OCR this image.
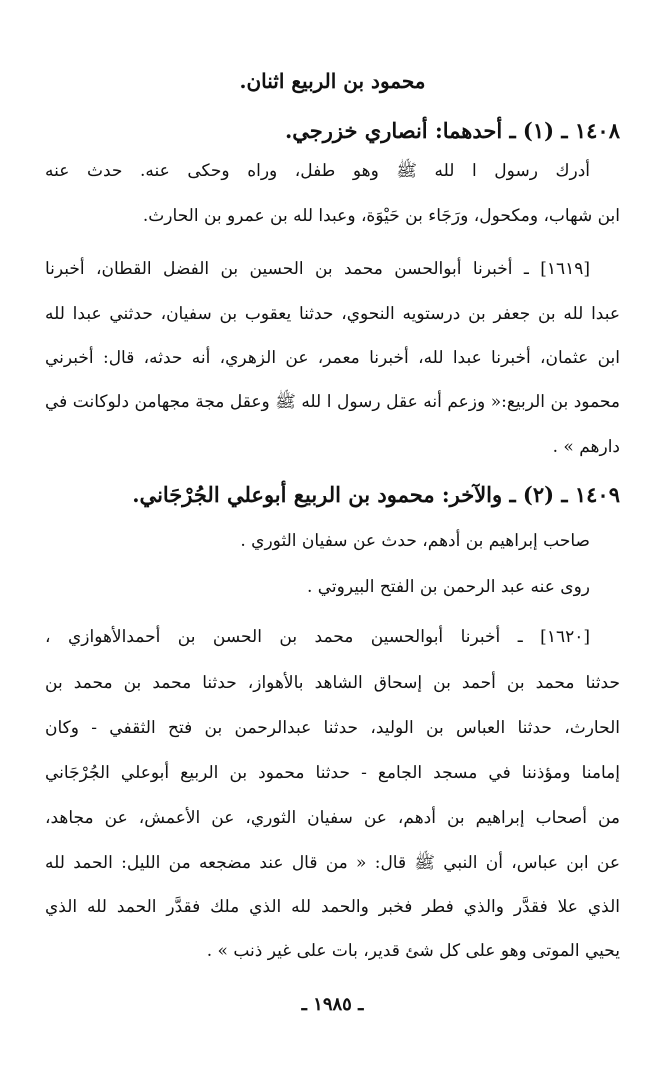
محمود بن الربيع اثنان.
١٤٠٨ ـ (١) ـ أحدهما: أنصاري خزرجي.
أدرك رسول ا لله ﷺ وهو طفل، وراه وحكى عنه. حدث عنه
ابن شهاب، ومكحول، ورَجَاء بن حَيْوَة، وعبدا لله بن عمرو بن الحارث.
[١٦١٩] ـ أخبرنا أبوالحسن محمد بن الحسين بن الفضل القطان، أخبرنا
عبدا لله بن جعفر بن درستويه النحوي، حدثنا يعقوب بن سفيان، حدثني عبدا لله
ابن عثمان، أخبرنا عبدا لله، أخبرنا معمر، عن الزهري، أنه حدثه، قال: أخبرني
محمود بن الربيع:« وزعم أنه عقل رسول ا لله ﷺ وعقل مجة مجهامن دلوكانت في
دارهم » .
١٤٠٩ ـ (٢) ـ والآخر: محمود بن الربيع أبوعلي الجُرْجَاني.
صاحب إبراهيم بن أدهم، حدث عن سفيان الثوري .
روى عنه عبد الرحمن بن الفتح البيروتي .
[١٦٢٠] ـ أخبرنا أبوالحسين محمد بن الحسن بن أحمدالأهوازي ،
حدثنا محمد بن أحمد بن إسحاق الشاهد بالأهواز، حدثنا محمد بن محمد بن
الحارث، حدثنا العباس بن الوليد، حدثنا عبدالرحمن بن فتح الثقفي - وكان
إمامنا ومؤذننا في مسجد الجامع - حدثنا محمود بن الربيع أبوعلي الجُرْجَاني
من أصحاب إبراهيم بن أدهم، عن سفيان الثوري، عن الأعمش، عن مجاهد،
عن ابن عباس، أن النبي ﷺ قال: « من قال عند مضجعه من الليل: الحمد لله
الذي علا فقدَّر والذي فطر فخبر والحمد لله الذي ملك فقدَّر الحمد لله الذي
يحيي الموتى وهو على كل شئ قدير، بات على غير ذنب » .
ـ ١٩٨٥ ـ
